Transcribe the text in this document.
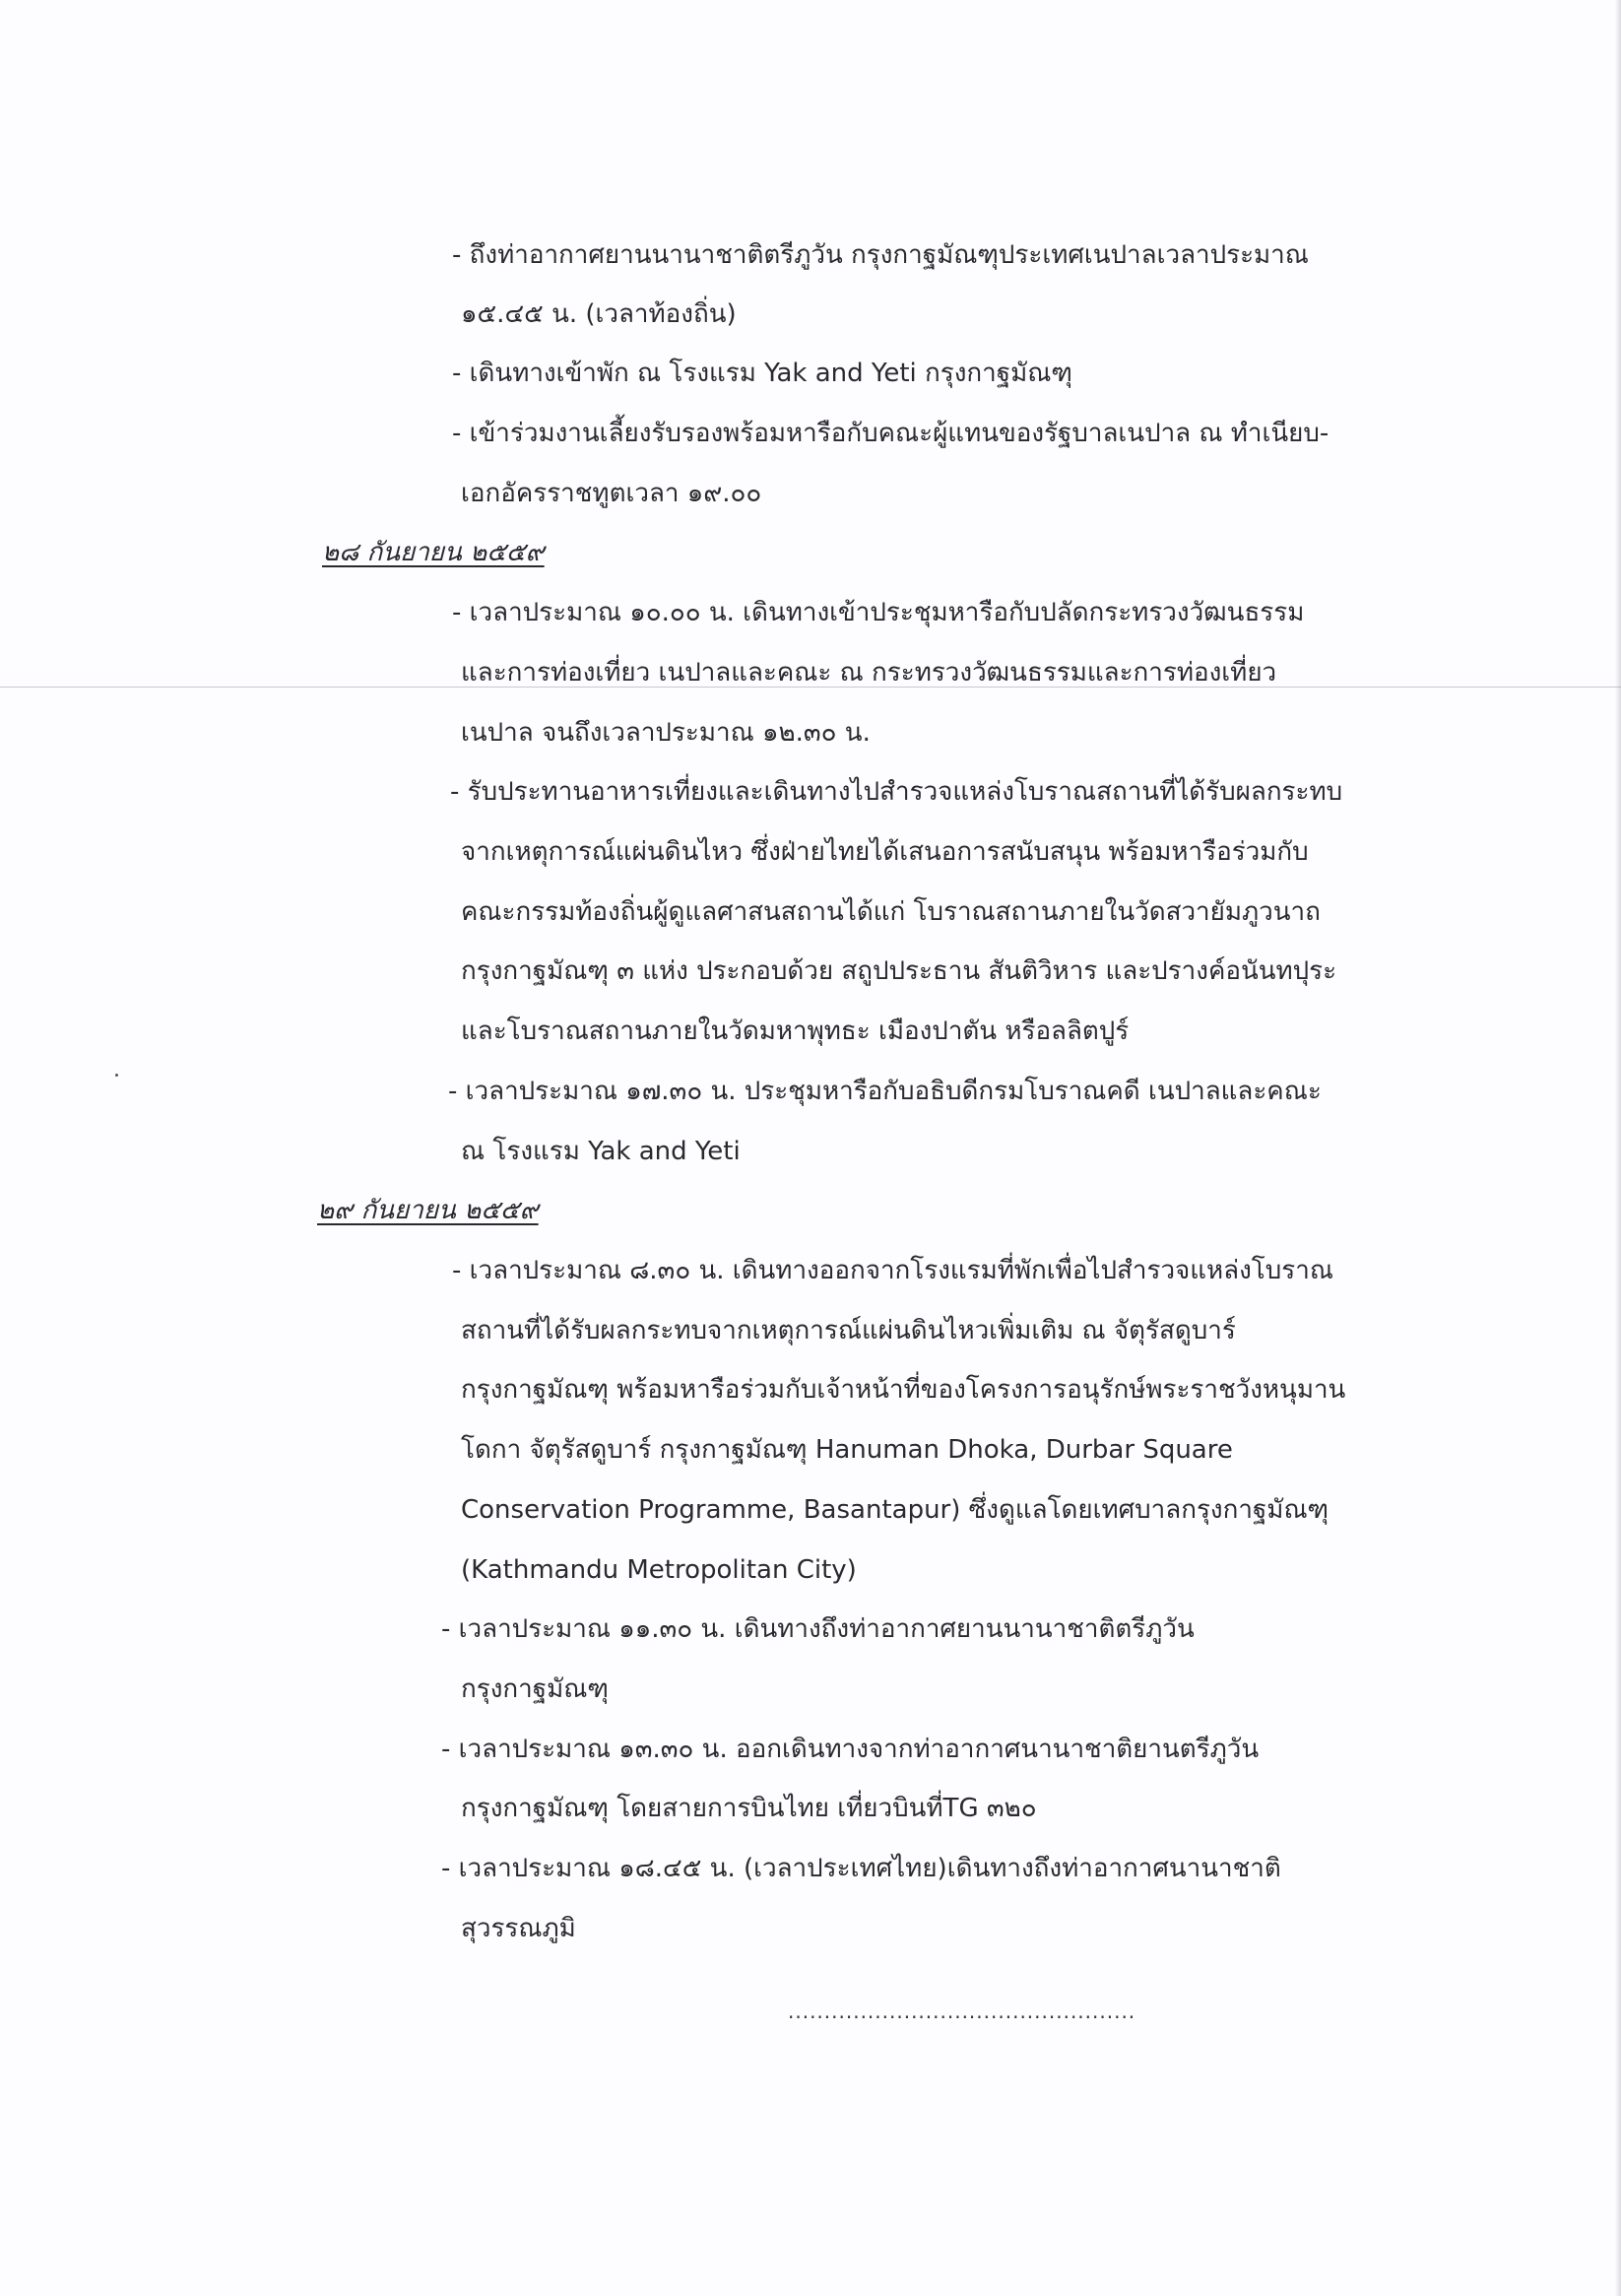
- ถึงท่าอากาศยานนานาชาติตรีภูวัน กรุงกาฐมัณฑุประเทศเนปาลเวลาประมาณ
๑๕.๔๕ น. (เวลาท้องถิ่น)
- เดินทางเข้าพัก ณ โรงแรม Yak and Yeti กรุงกาฐมัณฑุ
- เข้าร่วมงานเลี้ยงรับรองพร้อมหารือกับคณะผู้แทนของรัฐบาลเนปาล ณ ทำเนียบ-
เอกอัครราชทูตเวลา ๑๙.๐๐
๒๘ กันยายน ๒๕๕๙
- เวลาประมาณ ๑๐.๐๐ น. เดินทางเข้าประชุมหารือกับปลัดกระทรวงวัฒนธรรม
และการท่องเที่ยว เนปาลและคณะ ณ กระทรวงวัฒนธรรมและการท่องเที่ยว
เนปาล จนถึงเวลาประมาณ ๑๒.๓๐ น.
- รับประทานอาหารเที่ยงและเดินทางไปสำรวจแหล่งโบราณสถานที่ได้รับผลกระทบ
จากเหตุการณ์แผ่นดินไหว ซึ่งฝ่ายไทยได้เสนอการสนับสนุน พร้อมหารือร่วมกับ
คณะกรรมท้องถิ่นผู้ดูแลศาสนสถานได้แก่ โบราณสถานภายในวัดสวายัมภูวนาถ
กรุงกาฐมัณฑุ ๓ แห่ง ประกอบด้วย สถูปประธาน สันติวิหาร และปรางค์อนันทปุระ
และโบราณสถานภายในวัดมหาพุทธะ เมืองปาตัน หรือลลิตปูร์
- เวลาประมาณ ๑๗.๓๐ น. ประชุมหารือกับอธิบดีกรมโบราณคดี เนปาลและคณะ
ณ โรงแรม Yak and Yeti
๒๙ กันยายน ๒๕๕๙
- เวลาประมาณ ๘.๓๐ น. เดินทางออกจากโรงแรมที่พักเพื่อไปสำรวจแหล่งโบราณ
สถานที่ได้รับผลกระทบจากเหตุการณ์แผ่นดินไหวเพิ่มเติม ณ จัตุรัสดูบาร์
กรุงกาฐมัณฑุ พร้อมหารือร่วมกับเจ้าหน้าที่ของโครงการอนุรักษ์พระราชวังหนุมาน
โดกา จัตุรัสดูบาร์ กรุงกาฐมัณฑุ Hanuman Dhoka, Durbar Square
Conservation Programme, Basantapur) ซึ่งดูแลโดยเทศบาลกรุงกาฐมัณฑุ
(Kathmandu Metropolitan City)
- เวลาประมาณ ๑๑.๓๐ น. เดินทางถึงท่าอากาศยานนานาชาติตรีภูวัน
กรุงกาฐมัณฑุ
- เวลาประมาณ ๑๓.๓๐ น. ออกเดินทางจากท่าอากาศนานาชาติยานตรีภูวัน
กรุงกาฐมัณฑุ โดยสายการบินไทย เที่ยวบินที่TG ๓๒๐
- เวลาประมาณ ๑๘.๔๕ น. (เวลาประเทศไทย)เดินทางถึงท่าอากาศนานาชาติ
สุวรรณภูมิ
................................................
